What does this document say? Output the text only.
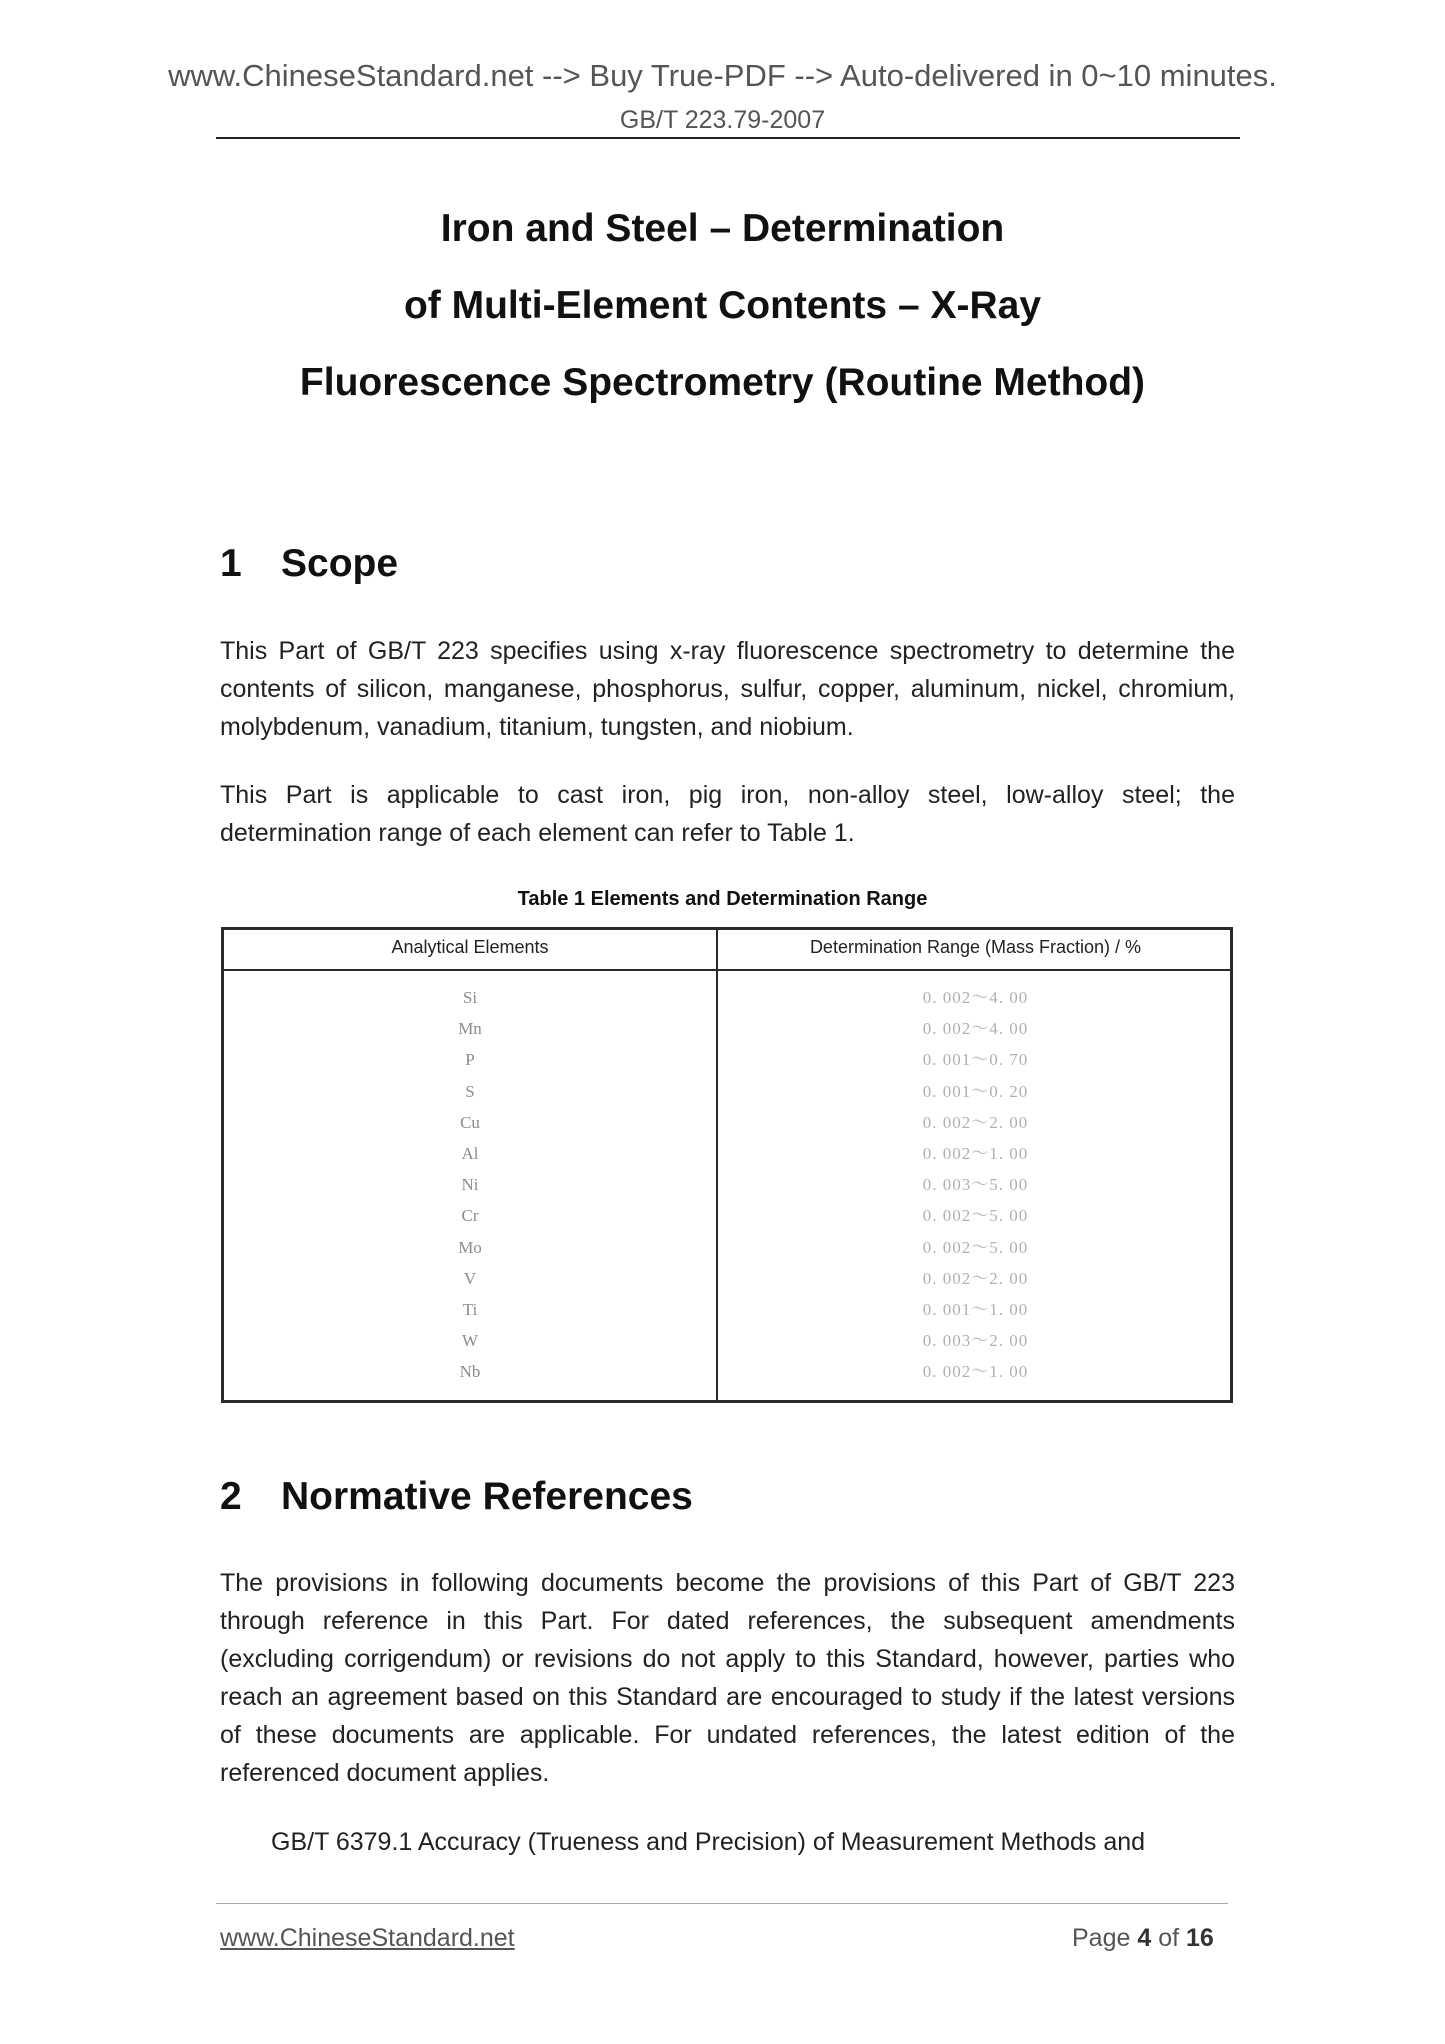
www.ChineseStandard.net --> Buy True-PDF --> Auto-delivered in 0~10 minutes.
GB/T 223.79-2007
Iron and Steel – Determination
of Multi-Element Contents – X-Ray
Fluorescence Spectrometry (Routine Method)
1 Scope

This Part of GB/T 223 specifies using x-ray fluorescence spectrometry to determine the contents of silicon, manganese, phosphorus, sulfur, copper, aluminum, nickel, chromium, molybdenum, vanadium, titanium, tungsten, and niobium.

This Part is applicable to cast iron, pig iron, non-alloy steel, low-alloy steel; the determination range of each element can refer to Table 1.

Table 1 Elements and Determination Range
Analytical Elements	Determination Range (Mass Fraction) / %
Si	0. 002～4. 00
Mn	0. 002～4. 00
P	0. 001～0. 70
S	0. 001～0. 20
Cu	0. 002～2. 00
Al	0. 002～1. 00
Ni	0. 003～5. 00
Cr	0. 002～5. 00
Mo	0. 002～5. 00
V	0. 002～2. 00
Ti	0. 001～1. 00
W	0. 003～2. 00
Nb	0. 002～1. 00
2 Normative References

The provisions in following documents become the provisions of this Part of GB/T 223 through reference in this Part. For dated references, the subsequent amendments (excluding corrigendum) or revisions do not apply to this Standard, however, parties who reach an agreement based on this Standard are encouraged to study if the latest versions of these documents are applicable. For undated references, the latest edition of the referenced document applies.

GB/T 6379.1 Accuracy (Trueness and Precision) of Measurement Methods and

www.ChineseStandard.net	Page 4 of 16
